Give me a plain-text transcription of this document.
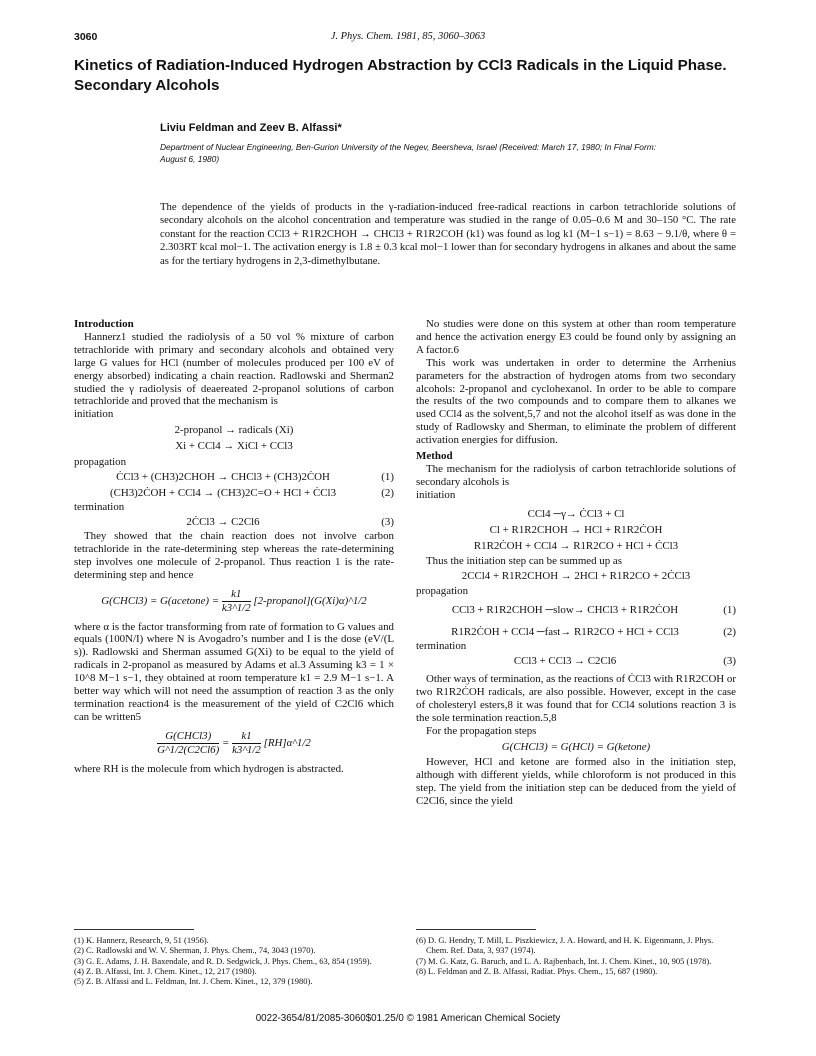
3060	J. Phys. Chem. 1981, 85, 3060–3063
Kinetics of Radiation-Induced Hydrogen Abstraction by CCl3 Radicals in the Liquid Phase. Secondary Alcohols
Liviu Feldman and Zeev B. Alfassi*
Department of Nuclear Engineering, Ben-Gurion University of the Negev, Beersheva, Israel (Received: March 17, 1980; In Final Form: August 6, 1980)
The dependence of the yields of products in the γ-radiation-induced free-radical reactions in carbon tetrachloride solutions of secondary alcohols on the alcohol concentration and temperature was studied in the range of 0.05–0.6 M and 30–150 °C. The rate constant for the reaction CCl3 + R1R2CHOH → CHCl3 + R1R2COH (k1) was found as log k1 (M−1 s−1) = 8.63 − 9.1/θ, where θ = 2.303RT kcal mol−1. The activation energy is 1.8 ± 0.3 kcal mol−1 lower than for secondary hydrogens in alkanes and about the same as for the tertiary hydrogens in 2,3-dimethylbutane.
Introduction

Hannerz1 studied the radiolysis of a 50 vol % mixture of carbon tetrachloride with primary and secondary alcohols and obtained very large G values for HCl (number of molecules produced per 100 eV of energy absorbed) indicating a chain reaction. Radlowski and Sherman2 studied the γ radiolysis of deaereated 2-propanol solutions of carbon tetrachloride and proved that the mechanism is

initiation

2-propanol → radicals (Xi)
Xi + CCl4 → XiCl + CCl3

propagation

ĊCl3 + (CH3)2CHOH → CHCl3 + (CH3)2ĊOH	(1)
(CH3)2ĊOH + CCl4 → (CH3)2C=O + HCl + ĊCl3	(2)

termination

2ĊCl3 → C2Cl6	(3)

They showed that the chain reaction does not involve carbon tetrachloride in the rate-determining step whereas the rate-determining step involves one molecule of 2-propanol. Thus reaction 1 is the rate-determining step and hence

G(CHCl3) = G(acetone) = $\frac{k1}{k3\^{}1/2}$ [2-propanol](G(Xi)α)^1/2

where α is the factor transforming from rate of formation to G values and equals (100N/I) where N is Avogadro’s number and I is the dose (eV/(L s)). Radlowski and Sherman assumed G(Xi) to be equal to the yield of radicals in 2-propanol as measured by Adams et al.3 Assuming k3 = 1 × 10^8 M−1 s−1, they obtained at room temperature k1 = 2.9 M−1 s−1. A better way which will not need the assumption of reaction 3 as the only termination reaction4 is the measurement of the yield of C2Cl6 which can be written5

$\frac{\text{G(CHCl3)}}{G\^{}1/2(C2Cl6)} = \frac{k1}{k3\^{}1/2}$ [RH]α^1/2

where RH is the molecule from which hydrogen is abstracted.

No studies were done on this system at other than room temperature and hence the activation energy E3 could be found only by assigning an A factor.6

This work was undertaken in order to determine the Arrhenius parameters for the abstraction of hydrogen atoms from two secondary alcohols: 2-propanol and cyclohexanol. In order to be able to compare the results of the two compounds and to compare them to alkanes we used CCl4 as the solvent,5,7 and not the alcohol itself as was done in the study of Radlowsky and Sherman, to eliminate the problem of different activation energies for diffusion.

Method

The mechanism for the radiolysis of carbon tetrachloride solutions of secondary alcohols is

initiation

CCl4 ─γ→ ĊCl3 + Cl
Cl + R1R2CHOH → HCl + R1R2ĊOH
R1R2ĊOH + CCl4 → R1R2CO + HCl + ĊCl3

Thus the initiation step can be summed up as

2CCl4 + R1R2CHOH → 2HCl + R1R2CO + 2ĊCl3

propagation

CCl3 + R1R2CHOH ─slow→ CHCl3 + R1R2ĊOH	(1)
R1R2ĊOH + CCl4 ─fast→ R1R2CO + HCl + CCl3	(2)

termination

CCl3 + CCl3 → C2Cl6	(3)

Other ways of termination, as the reactions of ĊCl3 with R1R2COH or two R1R2ĊOH radicals, are also possible. However, except in the case of cholesteryl esters,8 it was found that for CCl4 solutions reaction 3 is the sole termination reaction.5,8

For the propagation steps

G(CHCl3) = G(HCl) = G(ketone)

However, HCl and ketone are formed also in the initiation step, although with different yields, while chloroform is not produced in this step. The yield from the initiation step can be deduced from the yield of C2Cl6, since the yield

(1) K. Hannerz, Research, 9, 51 (1956).

(2) C. Radlowski and W. V. Sherman, J. Phys. Chem., 74, 3043 (1970).

(3) G. E. Adams, J. H. Baxendale, and R. D. Sedgwick, J. Phys. Chem., 63, 854 (1959).

(4) Z. B. Alfassi, Int. J. Chem. Kinet., 12, 217 (1980).

(5) Z. B. Alfassi and L. Feldman, Int. J. Chem. Kinet., 12, 379 (1980).

(6) D. G. Hendry, T. Mill, L. Piszkiewicz, J. A. Howard, and H. K. Eigenmann, J. Phys. Chem. Ref. Data, 3, 937 (1974).

(7) M. G. Katz, G. Baruch, and L. A. Rajbenbach, Int. J. Chem. Kinet., 10, 905 (1978).

(8) L. Feldman and Z. B. Alfassi, Radiat. Phys. Chem., 15, 687 (1980).

0022-3654/81/2085-3060$01.25/0 © 1981 American Chemical Society
